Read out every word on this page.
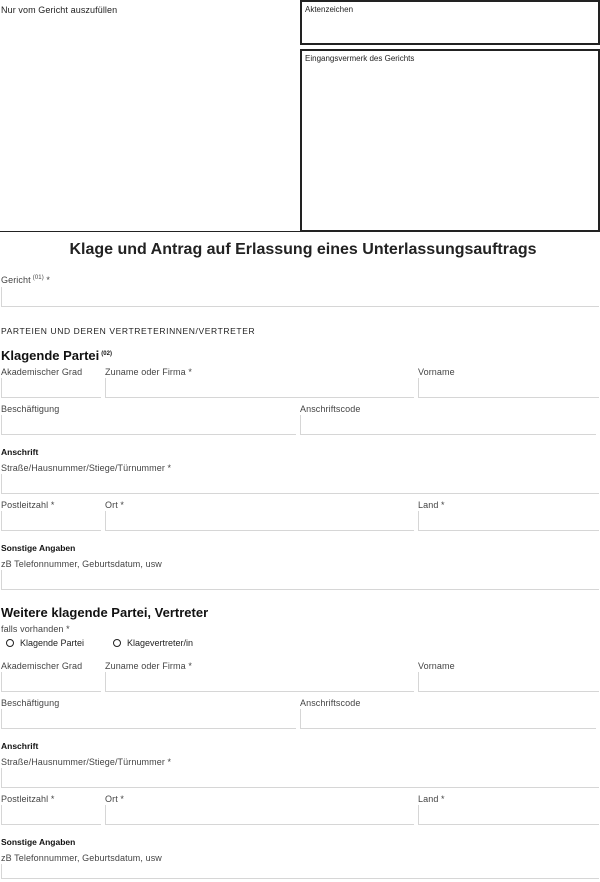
Nur vom Gericht auszufüllen	Aktenzeichen
Eingangsvermerk des Gerichts
Klage und Antrag auf Erlassung eines Unterlassungsauftrags
Gericht $^{(01)}$ *
PARTEIEN UND DEREN VERTRETERINNEN/VERTRETER
Klagende Partei $^{(02)}$
Akademischer Grad	Zuname oder Firma *	Vorname
Beschäftigung	Anschriftscode
Anschrift
Straße/Hausnummer/Stiege/Türnummer *
Postleitzahl *	Ort *	Land *
Sonstige Angaben
zB Telefonnummer, Geburtsdatum, usw
Weitere klagende Partei, Vertreter
falls vorhanden *
Klagende Partei	Klagevertreter/in
Akademischer Grad	Zuname oder Firma *	Vorname
Beschäftigung	Anschriftscode
Anschrift
Straße/Hausnummer/Stiege/Türnummer *
Postleitzahl *	Ort *	Land *
Sonstige Angaben
zB Telefonnummer, Geburtsdatum, usw
